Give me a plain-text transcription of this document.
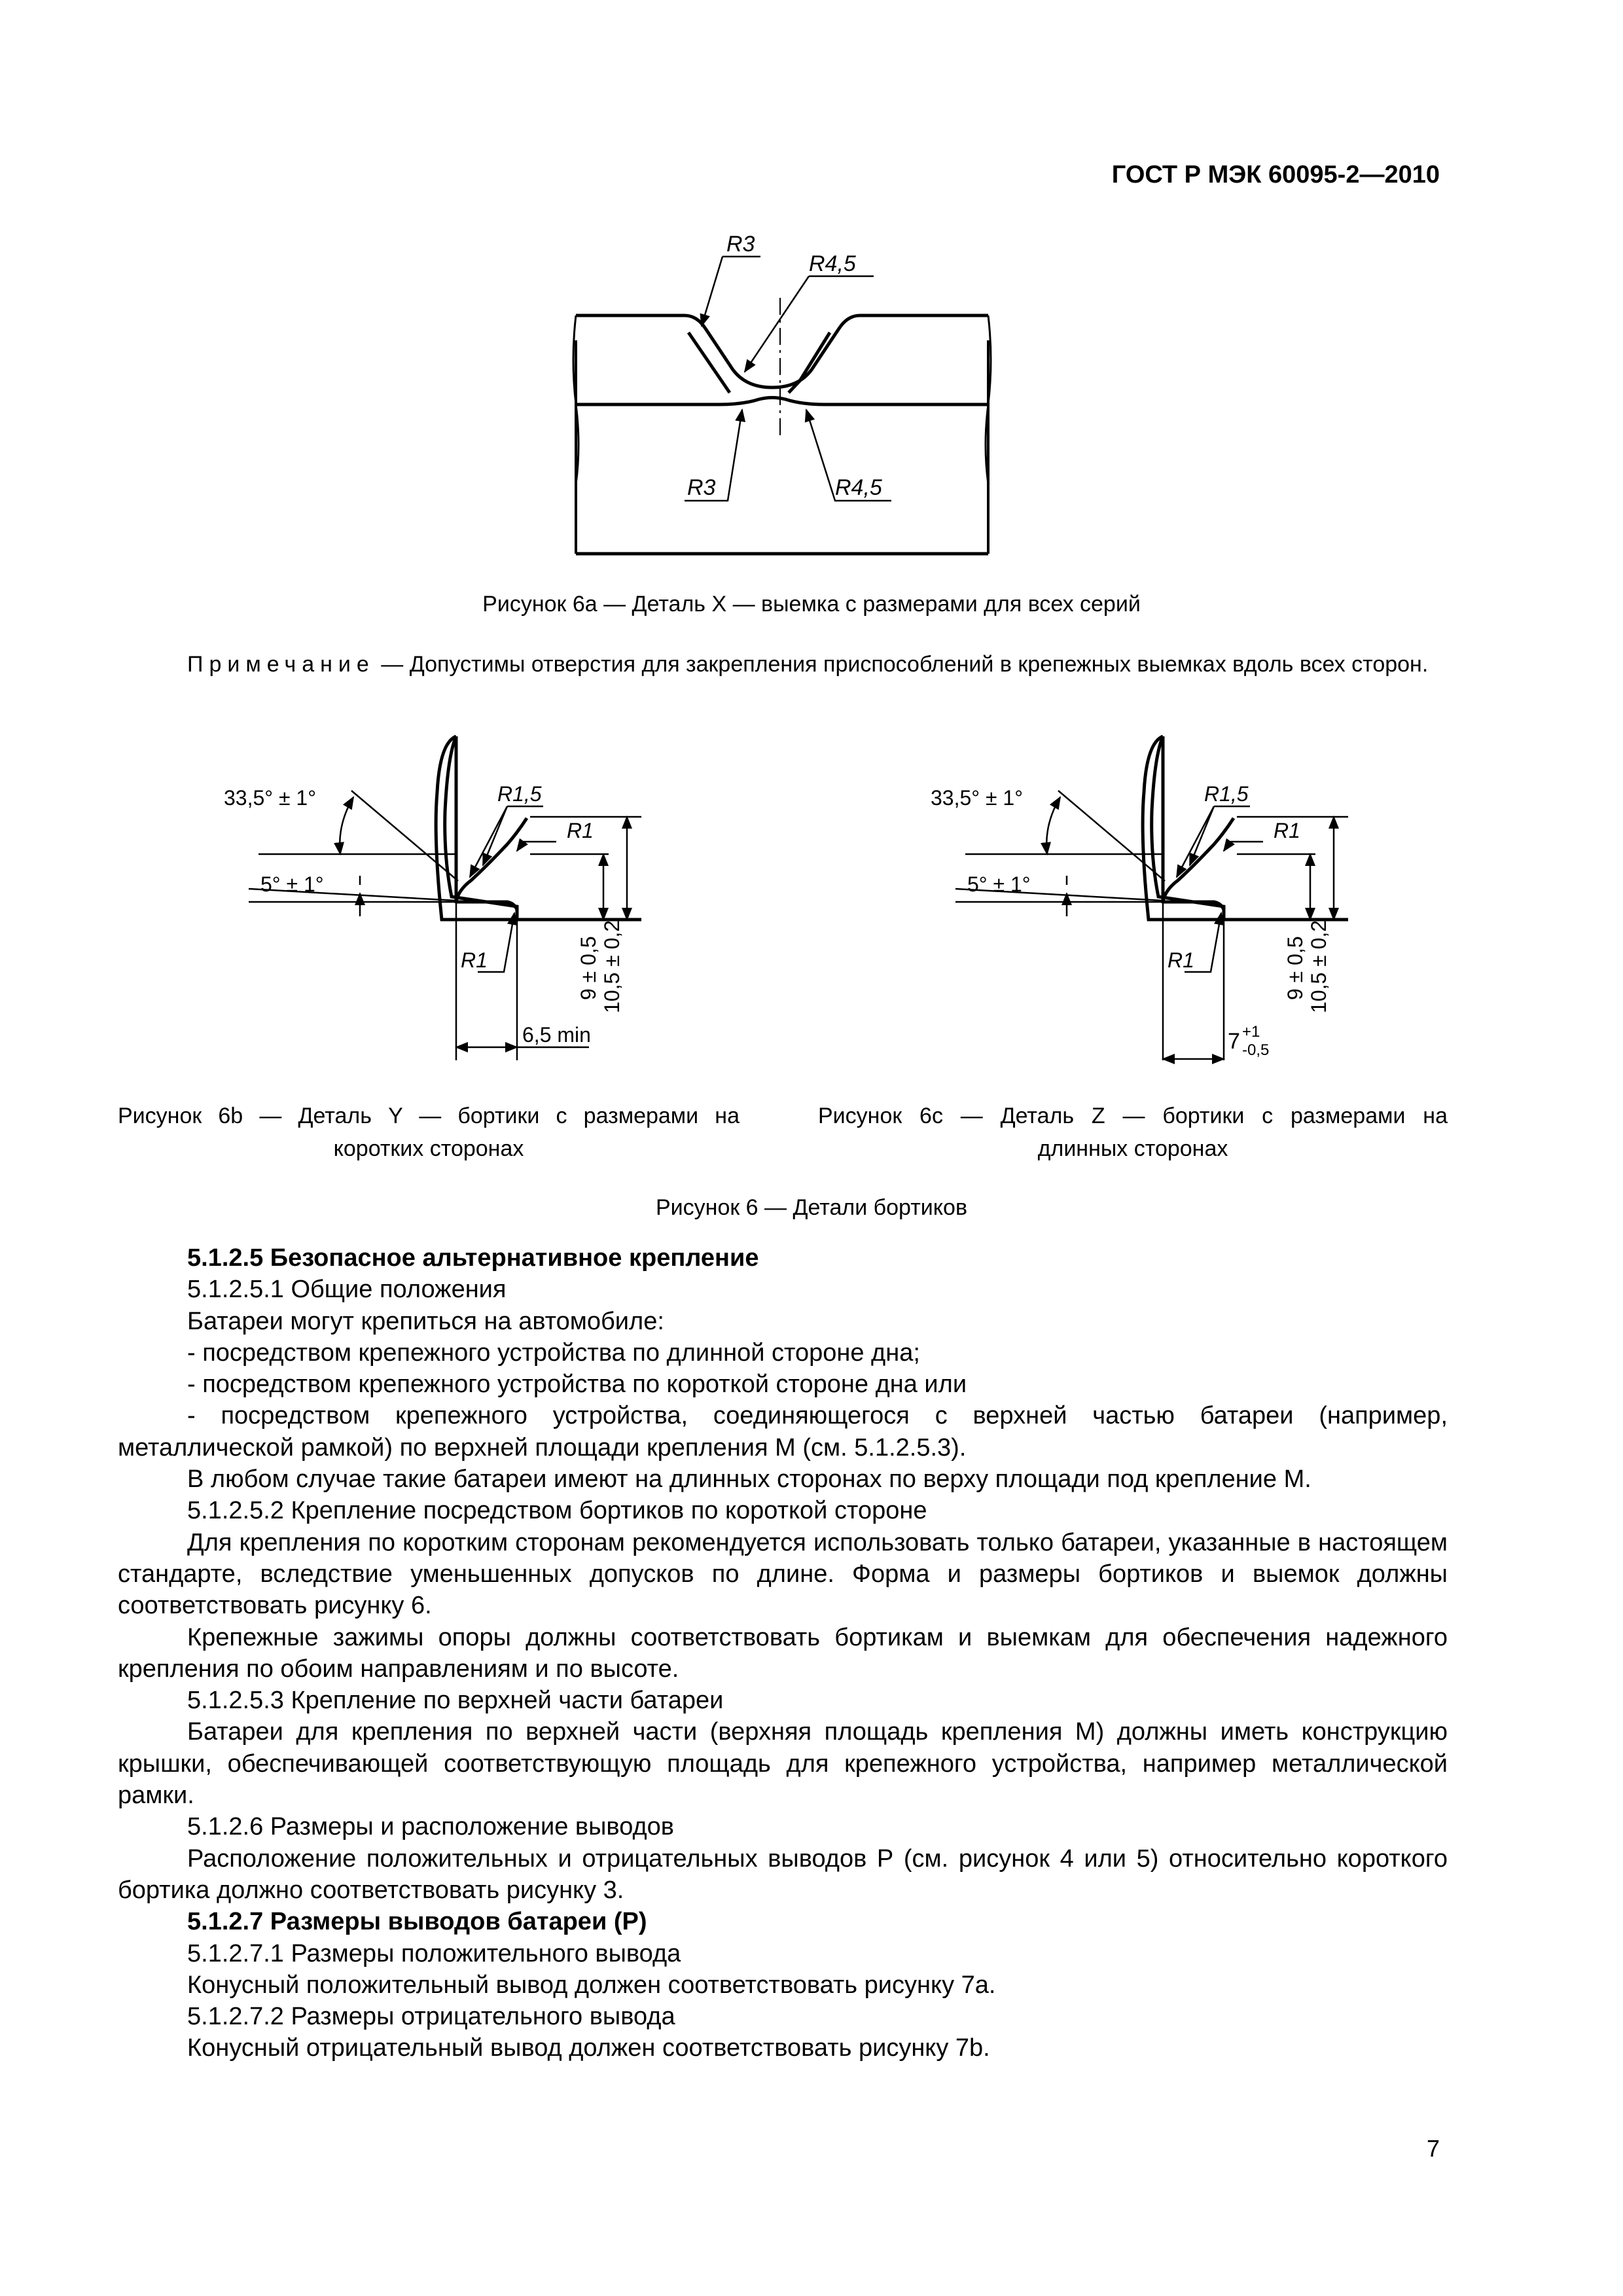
ГОСТ Р МЭК 60095-2—2010
R3
R4,5
R3	R4,5
Рисунок 6a — Деталь X — выемка с размерами для всех серий
Примечание — Допустимы отверстия для закрепления приспособлений в крепежных выемках вдоль всех сторон.
33,5° ± 1°
5° ± 1°
R1,5
R1
R1	9 ± 0,5 10,5 ± 0,2
6,5 min
33,5° ± 1°
5° ± 1°
R1,5
R1
R1	9 ± 0,5 10,5 ± 0,2
7 +1
-0,5
Рисунок 6b — Деталь Y — бортики с размерами на
коротких сторонах
Рисунок 6c — Деталь Z — бортики с размерами на
длинных сторонах
Рисунок 6 — Детали бортиков

5.1.2.5 Безопасное альтернативное крепление

5.1.2.5.1 Общие положения

Батареи могут крепиться на автомобиле:

- посредством крепежного устройства по длинной стороне дна;

- посредством крепежного устройства по короткой стороне дна или

- посредством крепежного устройства, соединяющегося с верхней частью батареи (например, металлической рамкой) по верхней площади крепления М (см. 5.1.2.5.3).

В любом случае такие батареи имеют на длинных сторонах по верху площади под крепление М.

5.1.2.5.2 Крепление посредством бортиков по короткой стороне

Для крепления по коротким сторонам рекомендуется использовать только батареи, указанные в настоящем стандарте, вследствие уменьшенных допусков по длине. Форма и размеры бортиков и выемок должны соответствовать рисунку 6.

Крепежные зажимы опоры должны соответствовать бортикам и выемкам для обеспечения надежного крепления по обоим направлениям и по высоте.

5.1.2.5.3 Крепление по верхней части батареи

Батареи для крепления по верхней части (верхняя площадь крепления М) должны иметь конструкцию крышки, обеспечивающей соответствующую площадь для крепежного устройства, например металлической рамки.

5.1.2.6 Размеры и расположение выводов

Расположение положительных и отрицательных выводов Р (см. рисунок 4 или 5) относительно короткого бортика должно соответствовать рисунку 3.

5.1.2.7 Размеры выводов батареи (Р)

5.1.2.7.1 Размеры положительного вывода

Конусный положительный вывод должен соответствовать рисунку 7а.

5.1.2.7.2 Размеры отрицательного вывода

Конусный отрицательный вывод должен соответствовать рисунку 7b.

7
